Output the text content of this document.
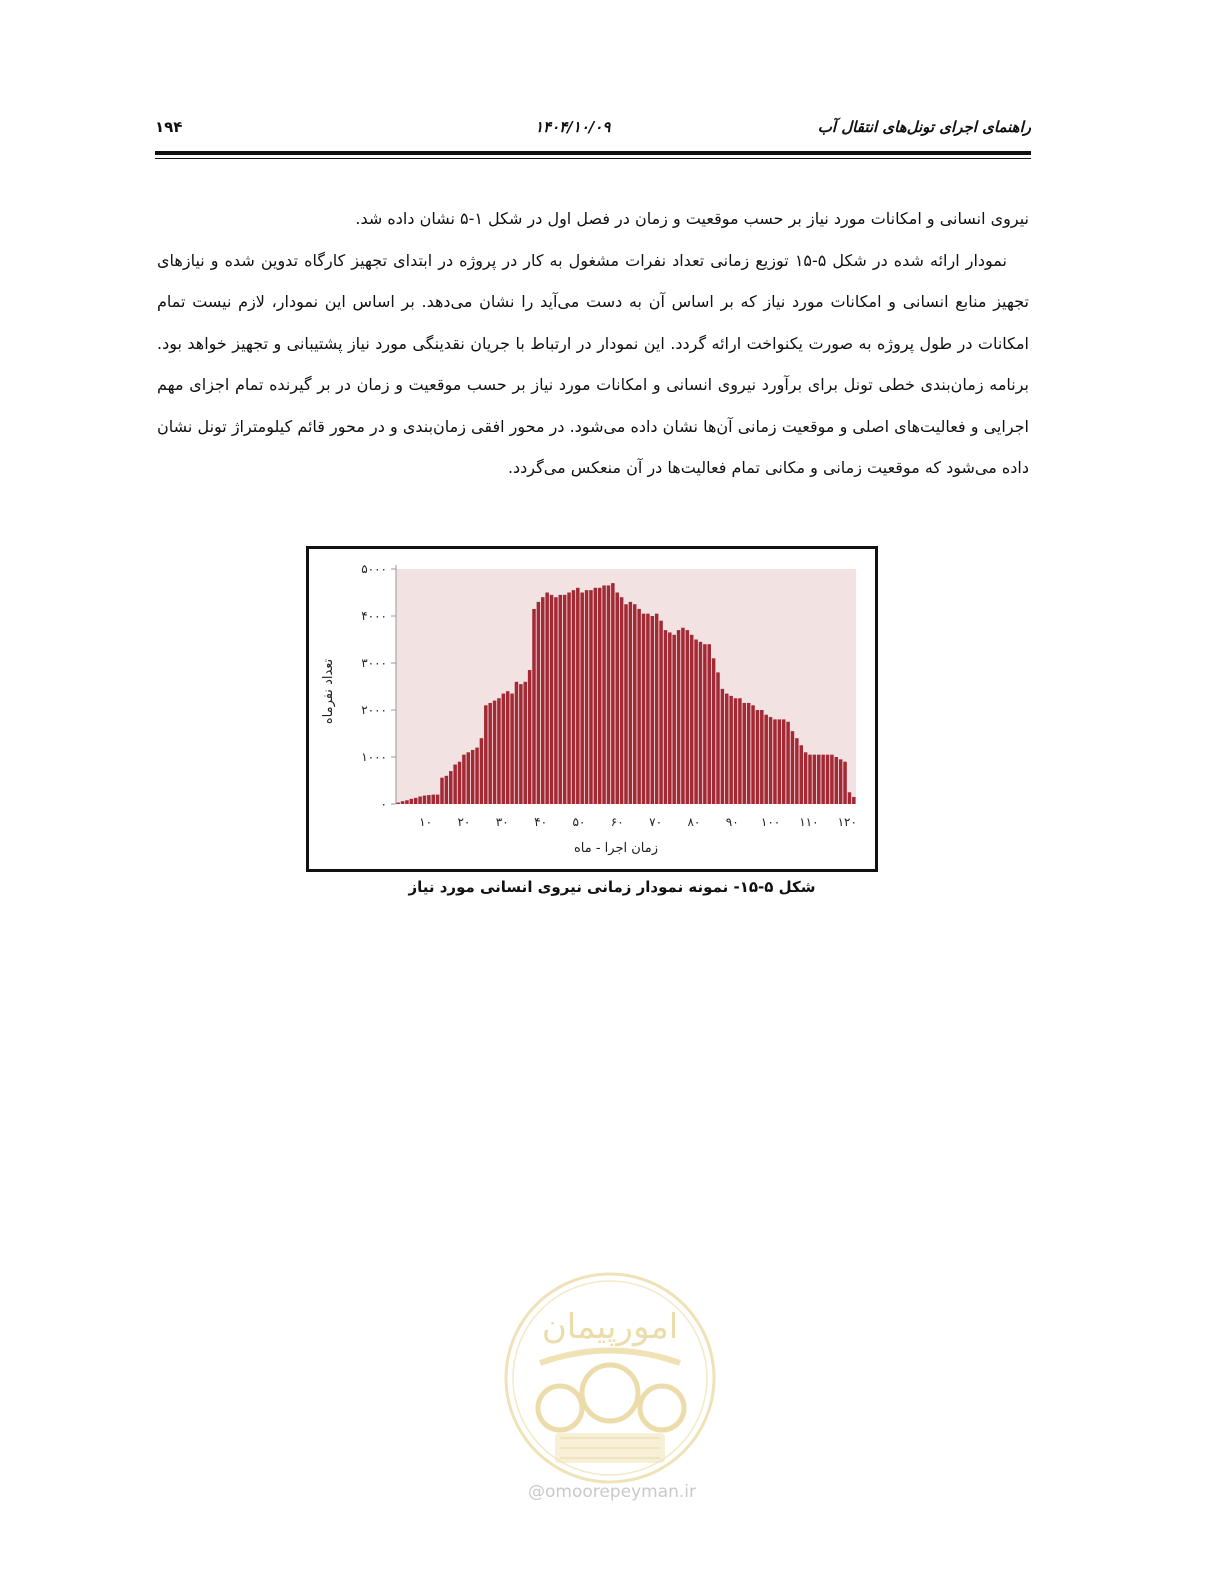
راهنمای اجرای تونل‌های انتقال آب
۱۴۰۴/۱۰/۰۹
۱۹۴

نیروی انسانی و امکانات مورد نیاز بر حسب موقعیت و زمان در فصل اول در شکل ۱-۵ نشان داده شد.

نمودار ارائه شده در شکل ۵-۱۵ توزیع زمانی تعداد نفرات مشغول به کار در پروژه در ابتدای تجهیز کارگاه تدوین شده و نیازهای تجهیز منابع انسانی و امکانات مورد نیاز که بر اساس آن به دست می‌آید را نشان می‌دهد. بر اساس این نمودار، لازم نیست تمام امکانات در طول پروژه به صورت یکنواخت ارائه گردد. این نمودار در ارتباط با جریان نقدینگی مورد نیاز پشتیبانی و تجهیز خواهد بود. برنامه زمان‌بندی خطی تونل برای برآورد نیروی انسانی و امکانات مورد نیاز بر حسب موقعیت و زمان در بر گیرنده تمام اجزای مهم اجرایی و فعالیت‌های اصلی و موقعیت زمانی آن‌ها نشان داده می‌شود. در محور افقی زمان‌بندی و در محور قائم کیلومتراژ تونل نشان داده می‌شود که موقعیت زمانی و مکانی تمام فعالیت‌ها در آن منعکس می‌گردد.

۰
۱۰۰۰
۲۰۰۰
۳۰۰۰
۴۰۰۰
۵۰۰۰
۱۰ ۲۰ ۳۰ ۴۰ ۵۰ ۶۰ ۷۰ ۸۰ ۹۰ ۱۰۰ ۱۱۰ ۱۲۰
زمان اجرا - ماه
تعداد نفرماه
شکل ۵-۱۵- نمونه نمودار زمانی نیروی انسانی مورد نیاز
امورپیمان
@omoorepeyman.ir
